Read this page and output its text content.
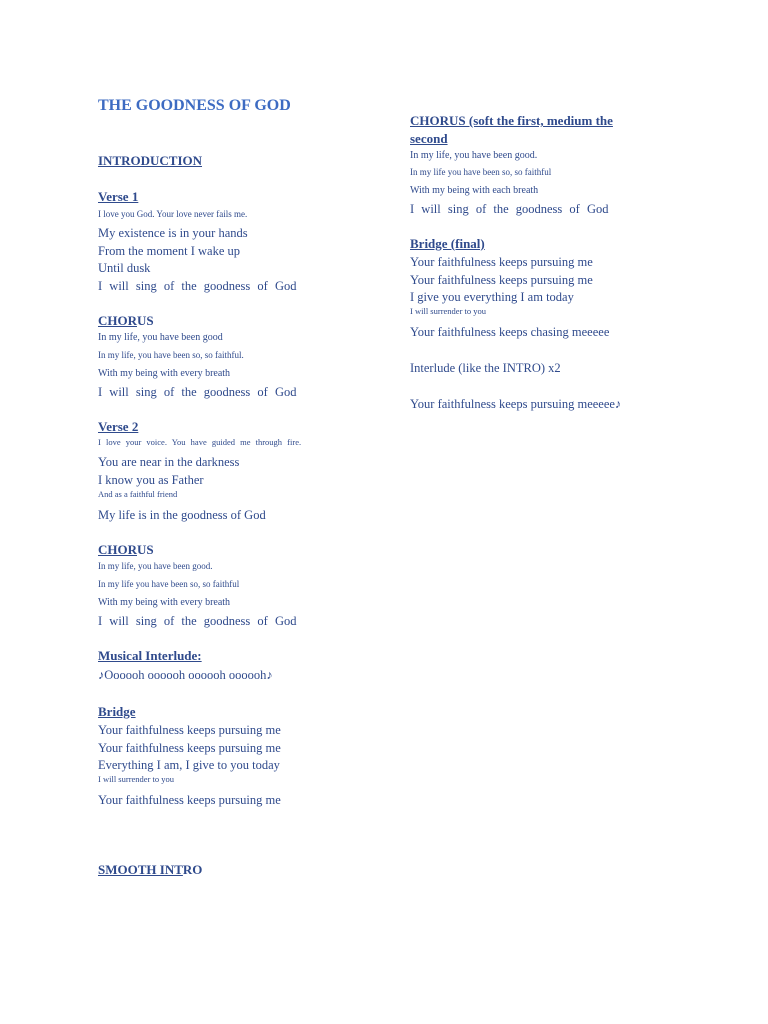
THE GOODNESS OF GOD
INTRODUCTION
Verse 1
I love you God. Your love never fails me.
My existence is in your hands
From the moment I wake up
Until dusk
I will sing of the goodness of God
CHORUS
In my life, you have been good
In my life, you have been so, so faithful.
With my being with every breath
I will sing of the goodness of God
Verse 2
I love your voice. You have guided me through fire.
You are near in the darkness
I know you as Father
And as a faithful friend
My life is in the goodness of God
CHORUS
In my life, you have been good.
In my life you have been so, so faithful
With my being with every breath
I will sing of the goodness of God
Musical Interlude:
♪Oooooh oooooh oooooh oooooh♪
Bridge
Your faithfulness keeps pursuing me
Your faithfulness keeps pursuing me
Everything I am, I give to you today
I will surrender to you
Your faithfulness keeps pursuing me
SMOOTH INTRO
CHORUS (soft the first, medium the
second
In my life, you have been good.
In my life you have been so, so faithful
With my being with each breath
I will sing of the goodness of God
Bridge (final)
Your faithfulness keeps pursuing me
Your faithfulness keeps pursuing me
I give you everything I am today
I will surrender to you
Your faithfulness keeps chasing meeeee
Interlude (like the INTRO) x2
Your faithfulness keeps pursuing meeeee♪
